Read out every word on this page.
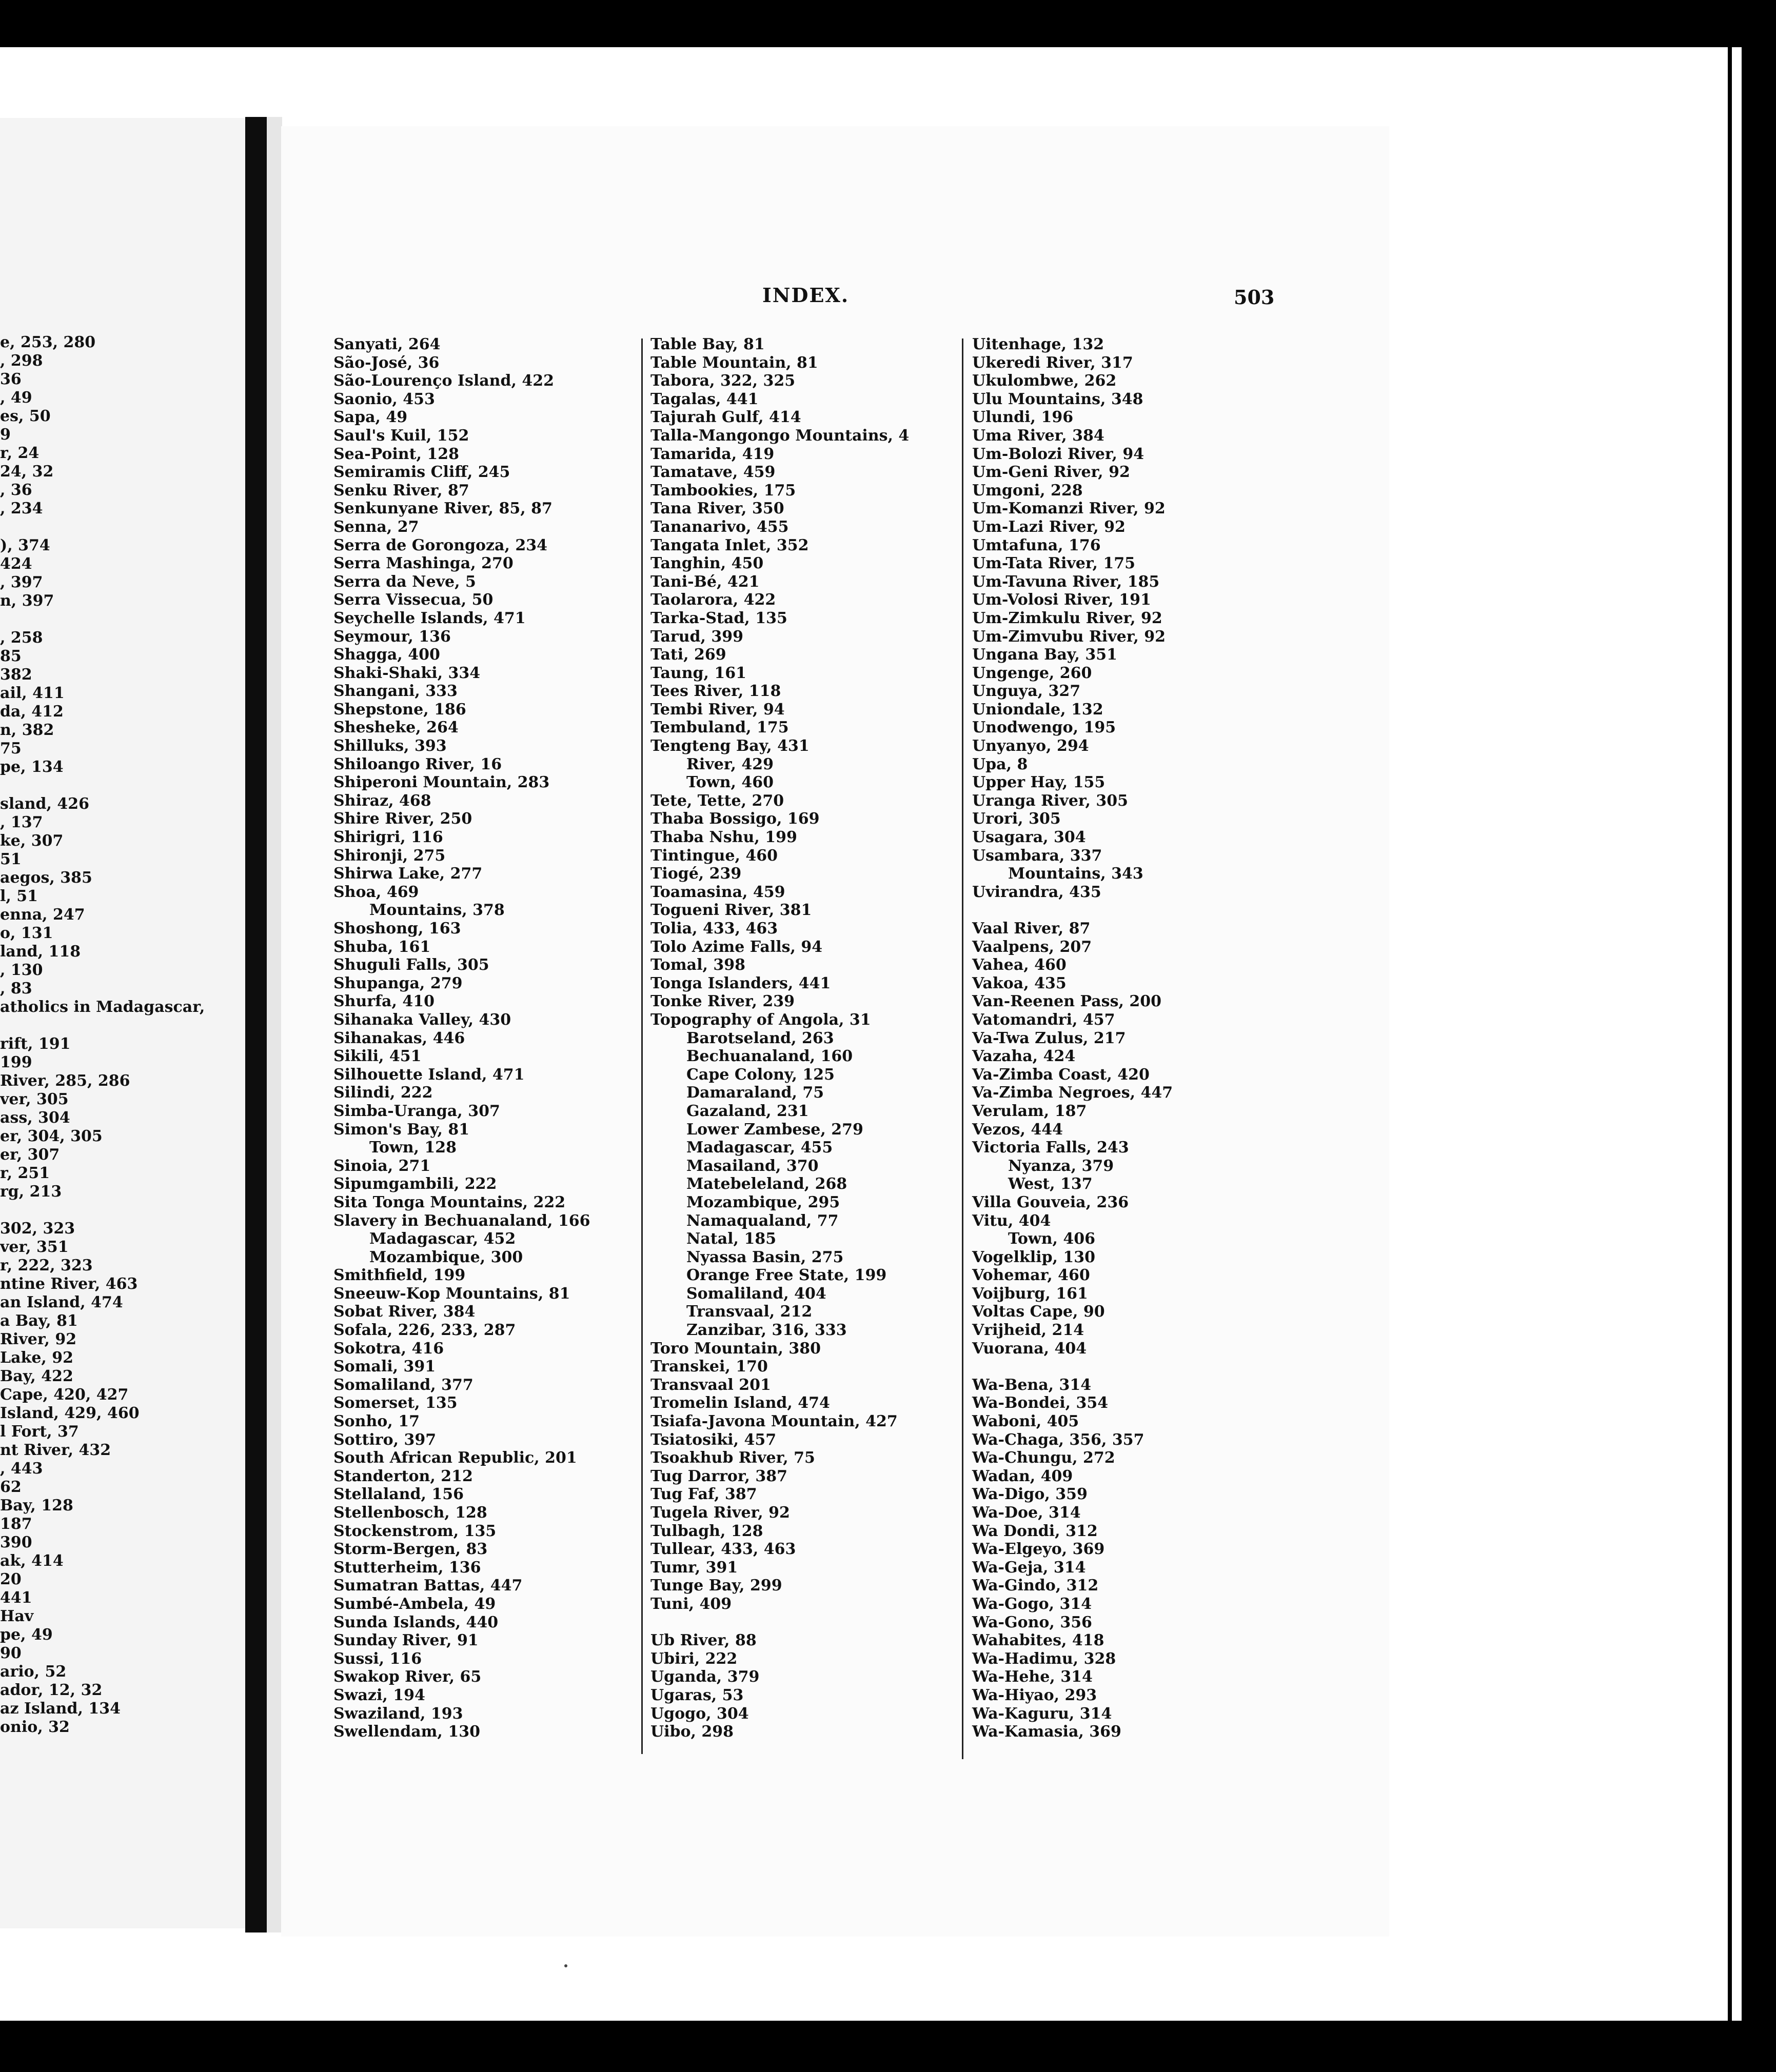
e, 253, 280
, 298
36
, 49
es, 50
9
r, 24
24, 32
, 36
, 234
), 374
424
, 397
n, 397
, 258
85
382
ail, 411
da, 412
n, 382
75
pe, 134
sland, 426
, 137
ke, 307
51
aegos, 385
l, 51
enna, 247
o, 131
land, 118
, 130
, 83
atholics in Madagascar,
rift, 191
199
River, 285, 286
ver, 305
ass, 304
er, 304, 305
er, 307
r, 251
rg, 213
302, 323
ver, 351
r, 222, 323
ntine River, 463
an Island, 474
a Bay, 81
River, 92
Lake, 92
Bay, 422
Cape, 420, 427
Island, 429, 460
l Fort, 37
nt River, 432
, 443
62
Bay, 128
187
390
ak, 414
20
441
Hav
pe, 49
90
ario, 52
ador, 12, 32
az Island, 134
onio, 32
INDEX.	503
Sanyati, 264
São-José, 36
São-Lourenço Island, 422
Saonio, 453
Sapa, 49
Saul's Kuil, 152
Sea-Point, 128
Semiramis Cliff, 245
Senku River, 87
Senkunyane River, 85, 87
Senna, 27
Serra de Gorongoza, 234
Serra Mashinga, 270
Serra da Neve, 5
Serra Vissecua, 50
Seychelle Islands, 471
Seymour, 136
Shagga, 400
Shaki-Shaki, 334
Shangani, 333
Shepstone, 186
Shesheke, 264
Shilluks, 393
Shiloango River, 16
Shiperoni Mountain, 283
Shiraz, 468
Shire River, 250
Shirigri, 116
Shironji, 275
Shirwa Lake, 277
Shoa, 469
Mountains, 378
Shoshong, 163
Shuba, 161
Shuguli Falls, 305
Shupanga, 279
Shurfa, 410
Sihanaka Valley, 430
Sihanakas, 446
Sikili, 451
Silhouette Island, 471
Silindi, 222
Simba-Uranga, 307
Simon's Bay, 81
Town, 128
Sinoia, 271
Sipumgambili, 222
Sita Tonga Mountains, 222
Slavery in Bechuanaland, 166
Madagascar, 452
Mozambique, 300
Smithfield, 199
Sneeuw-Kop Mountains, 81
Sobat River, 384
Sofala, 226, 233, 287
Sokotra, 416
Somali, 391
Somaliland, 377
Somerset, 135
Sonho, 17
Sottiro, 397
South African Republic, 201
Standerton, 212
Stellaland, 156
Stellenbosch, 128
Stockenstrom, 135
Storm-Bergen, 83
Stutterheim, 136
Sumatran Battas, 447
Sumbé-Ambela, 49
Sunda Islands, 440
Sunday River, 91
Sussi, 116
Swakop River, 65
Swazi, 194
Swaziland, 193
Swellendam, 130
Table Bay, 81
Table Mountain, 81
Tabora, 322, 325
Tagalas, 441
Tajurah Gulf, 414
Talla-Mangongo Mountains, 4
Tamarida, 419
Tamatave, 459
Tambookies, 175
Tana River, 350
Tananarivo, 455
Tangata Inlet, 352
Tanghin, 450
Tani-Bé, 421
Taolarora, 422
Tarka-Stad, 135
Tarud, 399
Tati, 269
Taung, 161
Tees River, 118
Tembi River, 94
Tembuland, 175
Tengteng Bay, 431
River, 429
Town, 460
Tete, Tette, 270
Thaba Bossigo, 169
Thaba Nshu, 199
Tintingue, 460
Tiogé, 239
Toamasina, 459
Togueni River, 381
Tolia, 433, 463
Tolo Azime Falls, 94
Tomal, 398
Tonga Islanders, 441
Tonke River, 239
Topography of Angola, 31
Barotseland, 263
Bechuanaland, 160
Cape Colony, 125
Damaraland, 75
Gazaland, 231
Lower Zambese, 279
Madagascar, 455
Masailand, 370
Matebeleland, 268
Mozambique, 295
Namaqualand, 77
Natal, 185
Nyassa Basin, 275
Orange Free State, 199
Somaliland, 404
Transvaal, 212
Zanzibar, 316, 333
Toro Mountain, 380
Transkei, 170
Transvaal 201
Tromelin Island, 474
Tsiafa-Javona Mountain, 427
Tsiatosiki, 457
Tsoakhub River, 75
Tug Darror, 387
Tug Faf, 387
Tugela River, 92
Tulbagh, 128
Tullear, 433, 463
Tumr, 391
Tunge Bay, 299
Tuni, 409
Ub River, 88
Ubiri, 222
Uganda, 379
Ugaras, 53
Ugogo, 304
Uibo, 298
Uitenhage, 132
Ukeredi River, 317
Ukulombwe, 262
Ulu Mountains, 348
Ulundi, 196
Uma River, 384
Um-Bolozi River, 94
Um-Geni River, 92
Umgoni, 228
Um-Komanzi River, 92
Um-Lazi River, 92
Umtafuna, 176
Um-Tata River, 175
Um-Tavuna River, 185
Um-Volosi River, 191
Um-Zimkulu River, 92
Um-Zimvubu River, 92
Ungana Bay, 351
Ungenge, 260
Unguya, 327
Uniondale, 132
Unodwengo, 195
Unyanyo, 294
Upa, 8
Upper Hay, 155
Uranga River, 305
Urori, 305
Usagara, 304
Usambara, 337
Mountains, 343
Uvirandra, 435
Vaal River, 87
Vaalpens, 207
Vahea, 460
Vakoa, 435
Van-Reenen Pass, 200
Vatomandri, 457
Va-Twa Zulus, 217
Vazaha, 424
Va-Zimba Coast, 420
Va-Zimba Negroes, 447
Verulam, 187
Vezos, 444
Victoria Falls, 243
Nyanza, 379
West, 137
Villa Gouveia, 236
Vitu, 404
Town, 406
Vogelklip, 130
Vohemar, 460
Voijburg, 161
Voltas Cape, 90
Vrijheid, 214
Vuorana, 404
Wa-Bena, 314
Wa-Bondei, 354
Waboni, 405
Wa-Chaga, 356, 357
Wa-Chungu, 272
Wadan, 409
Wa-Digo, 359
Wa-Doe, 314
Wa Dondi, 312
Wa-Elgeyo, 369
Wa-Geja, 314
Wa-Gindo, 312
Wa-Gogo, 314
Wa-Gono, 356
Wahabites, 418
Wa-Hadimu, 328
Wa-Hehe, 314
Wa-Hiyao, 293
Wa-Kaguru, 314
Wa-Kamasia, 369
